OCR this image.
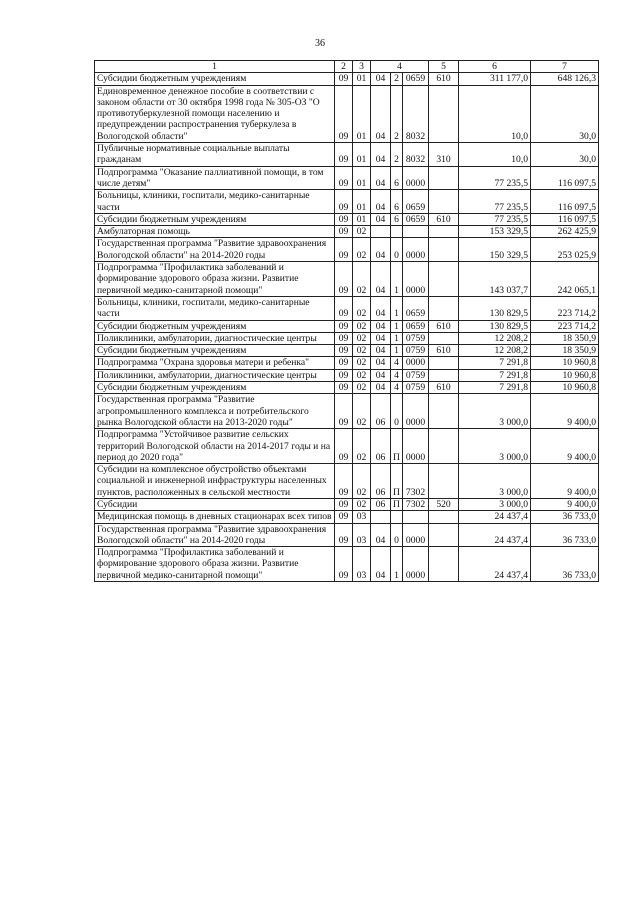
36
1	2	3	4			5	6	7
Субсидии бюджетным учреждениям	09	01	04	2	0659	610	311 177,0	648 126,3
Единовременное денежное пособие в соответствии с законом области от 30 октября 1998 года № 305-ОЗ "О противотуберкулезной помощи населению и предупреждении распространения туберкулеза в Вологодской области"	09	01	04	2	8032		10,0	30,0
Публичные нормативные социальные выплаты гражданам	09	01	04	2	8032	310	10,0	30,0
Подпрограмма "Оказание паллиативной помощи, в том числе детям"	09	01	04	6	0000		77 235,5	116 097,5
Больницы, клиники, госпитали, медико-санитарные части	09	01	04	6	0659		77 235,5	116 097,5
Субсидии бюджетным учреждениям	09	01	04	6	0659	610	77 235,5	116 097,5
Амбулаторная помощь	09	02					153 329,5	262 425,9
Государственная программа "Развитие здравоохранения Вологодской области" на 2014-2020 годы	09	02	04	0	0000		150 329,5	253 025,9
Подпрограмма "Профилактика заболеваний и формирование здорового образа жизни. Развитие первичной медико-санитарной помощи"	09	02	04	1	0000		143 037,7	242 065,1
Больницы, клиники, госпитали, медико-санитарные части	09	02	04	1	0659		130 829,5	223 714,2
Субсидии бюджетным учреждениям	09	02	04	1	0659	610	130 829,5	223 714,2
Поликлиники, амбулатории, диагностические центры	09	02	04	1	0759		12 208,2	18 350,9
Субсидии бюджетным учреждениям	09	02	04	1	0759	610	12 208,2	18 350,9
Подпрограмма "Охрана здоровья матери и ребенка"	09	02	04	4	0000		7 291,8	10 960,8
Поликлиники, амбулатории, диагностические центры	09	02	04	4	0759		7 291,8	10 960,8
Субсидии бюджетным учреждениям	09	02	04	4	0759	610	7 291,8	10 960,8
Государственная программа "Развитие агропромышленного комплекса и потребительского рынка Вологодской области на 2013-2020 годы"	09	02	06	0	0000		3 000,0	9 400,0
Подпрограмма "Устойчивое развитие сельских территорий Вологодской области на 2014-2017 годы и на период до 2020 года"	09	02	06	П	0000		3 000,0	9 400,0
Субсидии на комплексное обустройство объектами социальной и инженерной инфраструктуры населенных пунктов, расположенных в сельской местности	09	02	06	П	7302		3 000,0	9 400,0
Субсидии	09	02	06	П	7302	520	3 000,0	9 400,0
Медицинская помощь в дневных стационарах всех типов	09	03					24 437,4	36 733,0
Государственная программа "Развитие здравоохранения Вологодской области" на 2014-2020 годы	09	03	04	0	0000		24 437,4	36 733,0
Подпрограмма "Профилактика заболеваний и формирование здорового образа жизни. Развитие первичной медико-санитарной помощи"	09	03	04	1	0000		24 437,4	36 733,0
